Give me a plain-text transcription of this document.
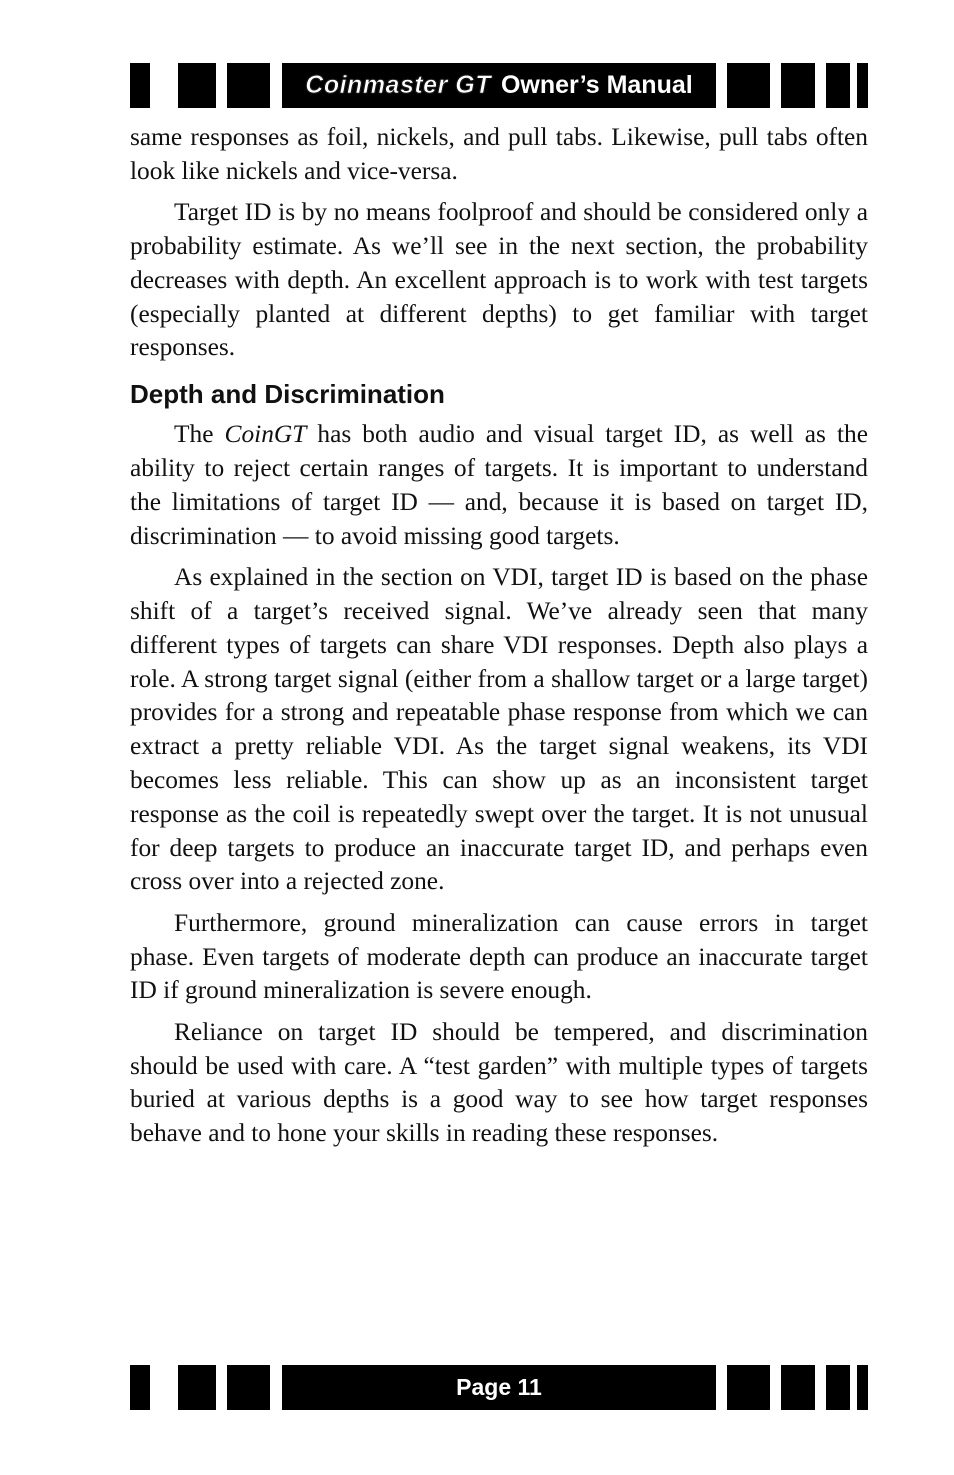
Coinmaster GT Owner’s Manual

same responses as foil, nickels, and pull tabs. Likewise, pull tabs often look like nickels and vice-versa.

Target ID is by no means foolproof and should be considered only a probability estimate. As we’ll see in the next section, the probability decreases with depth. An excellent approach is to work with test targets (especially planted at different depths) to get familiar with target responses.

Depth and Discrimination

The CoinGT has both audio and visual target ID, as well as the ability to reject certain ranges of targets. It is important to understand the limitations of target ID — and, because it is based on target ID, discrimination — to avoid missing good targets.

As explained in the section on VDI, target ID is based on the phase shift of a target’s received signal. We’ve already seen that many different types of targets can share VDI responses. Depth also plays a role. A strong target signal (either from a shallow target or a large target) provides for a strong and repeatable phase response from which we can extract a pretty reliable VDI. As the target signal weakens, its VDI becomes less reliable. This can show up as an inconsistent target response as the coil is repeatedly swept over the target. It is not unusual for deep targets to produce an inaccurate target ID, and perhaps even cross over into a rejected zone.

Furthermore, ground mineralization can cause errors in target phase. Even targets of moderate depth can produce an inaccurate target ID if ground mineralization is severe enough.

Reliance on target ID should be tempered, and discrimination should be used with care. A “test garden” with multiple types of targets buried at various depths is a good way to see how target responses behave and to hone your skills in reading these responses.

Page 11
